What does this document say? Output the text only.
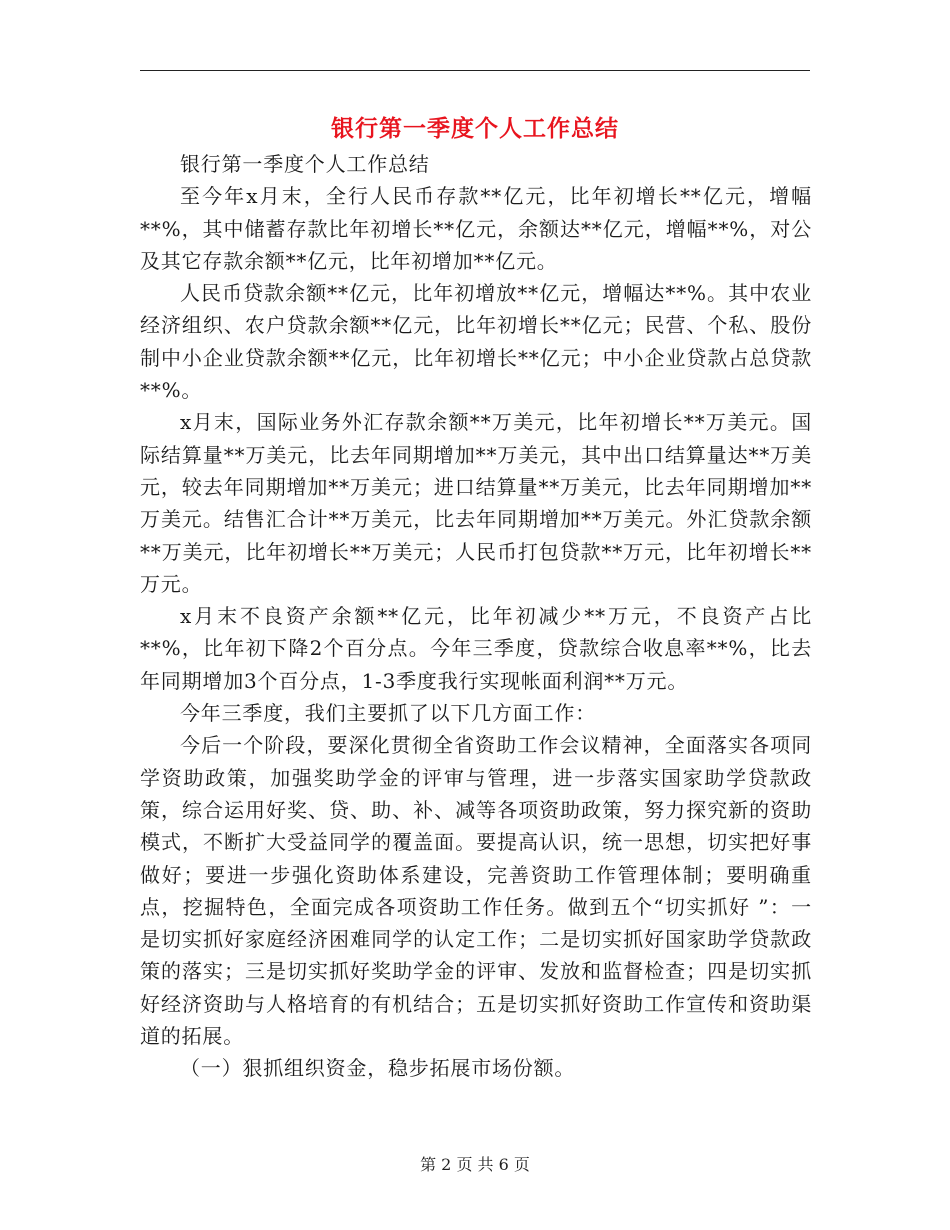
银行第一季度个人工作总结

银行第一季度个人工作总结

至今年x月末，全行人民币存款**亿元，比年初增长**亿元，增幅**%，其中储蓄存款比年初增长**亿元，余额达**亿元，增幅**%，对公及其它存款余额**亿元，比年初增加**亿元。

人民币贷款余额**亿元，比年初增放**亿元，增幅达**%。其中农业经济组织、农户贷款余额**亿元，比年初增长**亿元；民营、个私、股份制中小企业贷款余额**亿元，比年初增长**亿元；中小企业贷款占总贷款**%。

x月末，国际业务外汇存款余额**万美元，比年初增长**万美元。国际结算量**万美元，比去年同期增加**万美元，其中出口结算量达**万美元，较去年同期增加**万美元；进口结算量**万美元，比去年同期增加**万美元。结售汇合计**万美元，比去年同期增加**万美元。外汇贷款余额**万美元，比年初增长**万美元；人民币打包贷款**万元，比年初增长**万元。

x月末不良资产余额**亿元，比年初减少**万元，不良资产占比**%，比年初下降2个百分点。今年三季度，贷款综合收息率**%，比去年同期增加3个百分点，1-3季度我行实现帐面利润**万元。

今年三季度，我们主要抓了以下几方面工作：

今后一个阶段，要深化贯彻全省资助工作会议精神，全面落实各项同学资助政策，加强奖助学金的评审与管理，进一步落实国家助学贷款政策，综合运用好奖、贷、助、补、减等各项资助政策，努力探究新的资助模式，不断扩大受益同学的覆盖面。要提高认识，统一思想，切实把好事做好；要进一步强化资助体系建设，完善资助工作管理体制；要明确重点，挖掘特色，全面完成各项资助工作任务。做到五个“切实抓好 ”：一是切实抓好家庭经济困难同学的认定工作；二是切实抓好国家助学贷款政策的落实；三是切实抓好奖助学金的评审、发放和监督检查；四是切实抓好经济资助与人格培育的有机结合；五是切实抓好资助工作宣传和资助渠道的拓展。

（一）狠抓组织资金，稳步拓展市场份额。

第 2 页 共 6 页
